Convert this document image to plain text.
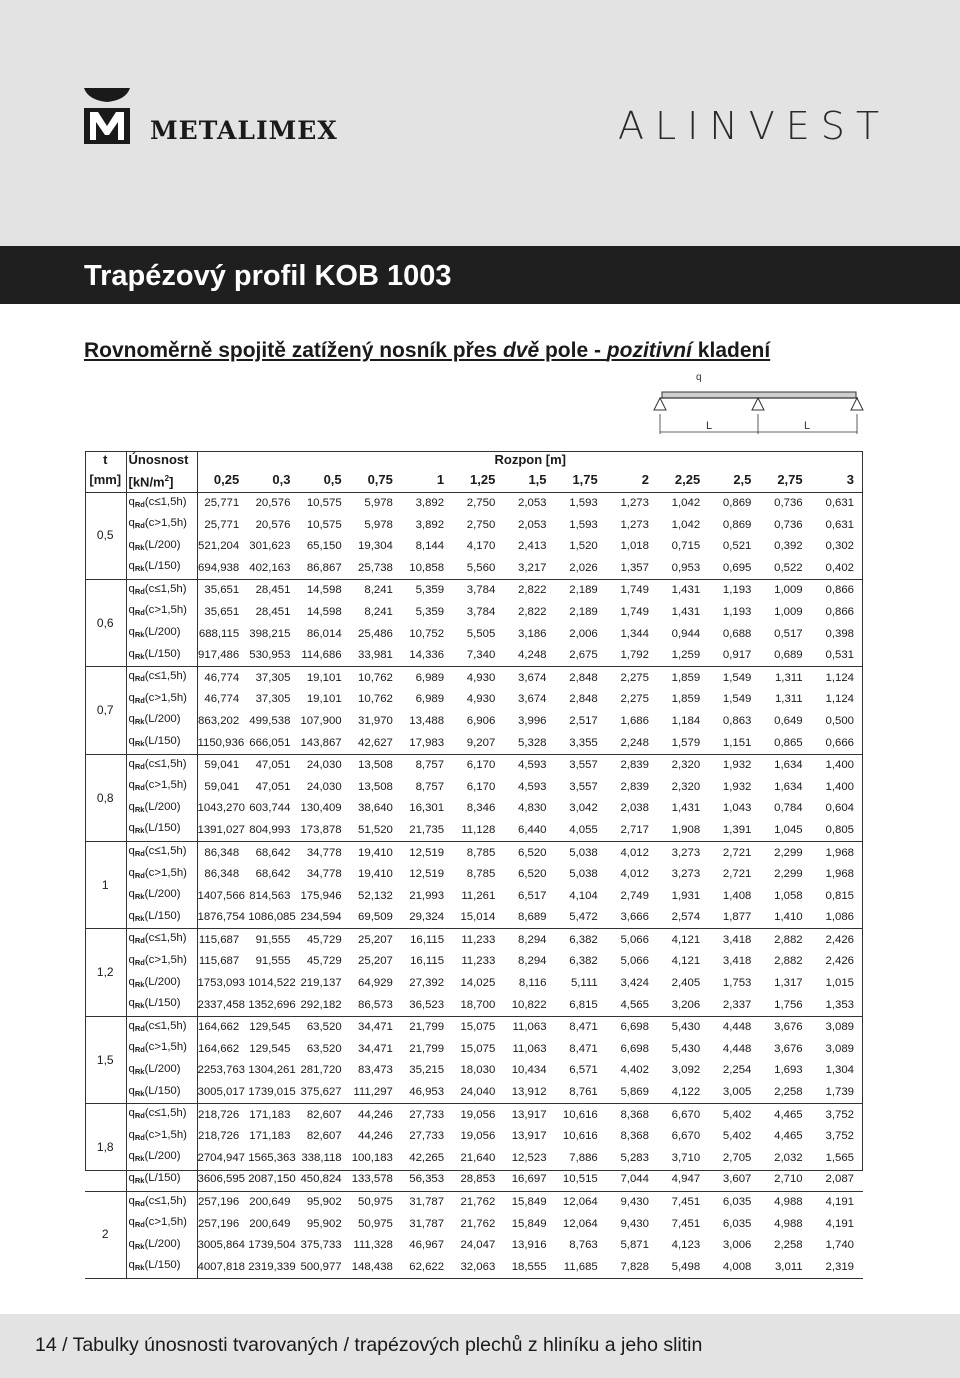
METALIMEX	ALINVEST
Trapézový profil KOB 1003
Rovnoměrně spojitě zatížený nosník přes dvě pole - pozitivní kladení
q
L	L
t	Únosnost	Rozpon [m]												
[mm]	$[kN/m^2]$	0,25	0,3	0,5	0,75	1	1,25	1,5	1,75	2	2,25	2,5	2,75	3
0,5	$q_{Rd}(c\le 1,5h)$	25,771	20,576	10,575	5,978	3,892	2,750	2,053	1,593	1,273	1,042	0,869	0,736	0,631
	$q_{Rd}(c>1,5h)$	25,771	20,576	10,575	5,978	3,892	2,750	2,053	1,593	1,273	1,042	0,869	0,736	0,631
	$q_{Rk}(L/200)$	521,204	301,623	65,150	19,304	8,144	4,170	2,413	1,520	1,018	0,715	0,521	0,392	0,302
	$q_{Rk}(L/150)$	694,938	402,163	86,867	25,738	10,858	5,560	3,217	2,026	1,357	0,953	0,695	0,522	0,402
0,6	$q_{Rd}(c\le 1,5h)$	35,651	28,451	14,598	8,241	5,359	3,784	2,822	2,189	1,749	1,431	1,193	1,009	0,866
	$q_{Rd}(c>1,5h)$	35,651	28,451	14,598	8,241	5,359	3,784	2,822	2,189	1,749	1,431	1,193	1,009	0,866
	$q_{Rk}(L/200)$	688,115	398,215	86,014	25,486	10,752	5,505	3,186	2,006	1,344	0,944	0,688	0,517	0,398
	$q_{Rk}(L/150)$	917,486	530,953	114,686	33,981	14,336	7,340	4,248	2,675	1,792	1,259	0,917	0,689	0,531
0,7	$q_{Rd}(c\le 1,5h)$	46,774	37,305	19,101	10,762	6,989	4,930	3,674	2,848	2,275	1,859	1,549	1,311	1,124
	$q_{Rd}(c>1,5h)$	46,774	37,305	19,101	10,762	6,989	4,930	3,674	2,848	2,275	1,859	1,549	1,311	1,124
	$q_{Rk}(L/200)$	863,202	499,538	107,900	31,970	13,488	6,906	3,996	2,517	1,686	1,184	0,863	0,649	0,500
	$q_{Rk}(L/150)$	1150,936	666,051	143,867	42,627	17,983	9,207	5,328	3,355	2,248	1,579	1,151	0,865	0,666
0,8	$q_{Rd}(c\le 1,5h)$	59,041	47,051	24,030	13,508	8,757	6,170	4,593	3,557	2,839	2,320	1,932	1,634	1,400
	$q_{Rd}(c>1,5h)$	59,041	47,051	24,030	13,508	8,757	6,170	4,593	3,557	2,839	2,320	1,932	1,634	1,400
	$q_{Rk}(L/200)$	1043,270	603,744	130,409	38,640	16,301	8,346	4,830	3,042	2,038	1,431	1,043	0,784	0,604
	$q_{Rk}(L/150)$	1391,027	804,993	173,878	51,520	21,735	11,128	6,440	4,055	2,717	1,908	1,391	1,045	0,805
1	$q_{Rd}(c\le 1,5h)$	86,348	68,642	34,778	19,410	12,519	8,785	6,520	5,038	4,012	3,273	2,721	2,299	1,968
	$q_{Rd}(c>1,5h)$	86,348	68,642	34,778	19,410	12,519	8,785	6,520	5,038	4,012	3,273	2,721	2,299	1,968
	$q_{Rk}(L/200)$	1407,566	814,563	175,946	52,132	21,993	11,261	6,517	4,104	2,749	1,931	1,408	1,058	0,815
	$q_{Rk}(L/150)$	1876,754	1086,085	234,594	69,509	29,324	15,014	8,689	5,472	3,666	2,574	1,877	1,410	1,086
1,2	$q_{Rd}(c\le 1,5h)$	115,687	91,555	45,729	25,207	16,115	11,233	8,294	6,382	5,066	4,121	3,418	2,882	2,426
	$q_{Rd}(c>1,5h)$	115,687	91,555	45,729	25,207	16,115	11,233	8,294	6,382	5,066	4,121	3,418	2,882	2,426
	$q_{Rk}(L/200)$	1753,093	1014,522	219,137	64,929	27,392	14,025	8,116	5,111	3,424	2,405	1,753	1,317	1,015
	$q_{Rk}(L/150)$	2337,458	1352,696	292,182	86,573	36,523	18,700	10,822	6,815	4,565	3,206	2,337	1,756	1,353
1,5	$q_{Rd}(c\le 1,5h)$	164,662	129,545	63,520	34,471	21,799	15,075	11,063	8,471	6,698	5,430	4,448	3,676	3,089
	$q_{Rd}(c>1,5h)$	164,662	129,545	63,520	34,471	21,799	15,075	11,063	8,471	6,698	5,430	4,448	3,676	3,089
	$q_{Rk}(L/200)$	2253,763	1304,261	281,720	83,473	35,215	18,030	10,434	6,571	4,402	3,092	2,254	1,693	1,304
	$q_{Rk}(L/150)$	3005,017	1739,015	375,627	111,297	46,953	24,040	13,912	8,761	5,869	4,122	3,005	2,258	1,739
1,8	$q_{Rd}(c\le 1,5h)$	218,726	171,183	82,607	44,246	27,733	19,056	13,917	10,616	8,368	6,670	5,402	4,465	3,752
	$q_{Rd}(c>1,5h)$	218,726	171,183	82,607	44,246	27,733	19,056	13,917	10,616	8,368	6,670	5,402	4,465	3,752
	$q_{Rk}(L/200)$	2704,947	1565,363	338,118	100,183	42,265	21,640	12,523	7,886	5,283	3,710	2,705	2,032	1,565
	$q_{Rk}(L/150)$	3606,595	2087,150	450,824	133,578	56,353	28,853	16,697	10,515	7,044	4,947	3,607	2,710	2,087
2	$q_{Rd}(c\le 1,5h)$	257,196	200,649	95,902	50,975	31,787	21,762	15,849	12,064	9,430	7,451	6,035	4,988	4,191
	$q_{Rd}(c>1,5h)$	257,196	200,649	95,902	50,975	31,787	21,762	15,849	12,064	9,430	7,451	6,035	4,988	4,191
	$q_{Rk}(L/200)$	3005,864	1739,504	375,733	111,328	46,967	24,047	13,916	8,763	5,871	4,123	3,006	2,258	1,740
	$q_{Rk}(L/150)$	4007,818	2319,339	500,977	148,438	62,622	32,063	18,555	11,685	7,828	5,498	4,008	3,011	2,319
14 / Tabulky únosnosti tvarovaných / trapézových plechů z hliníku a jeho slitin
